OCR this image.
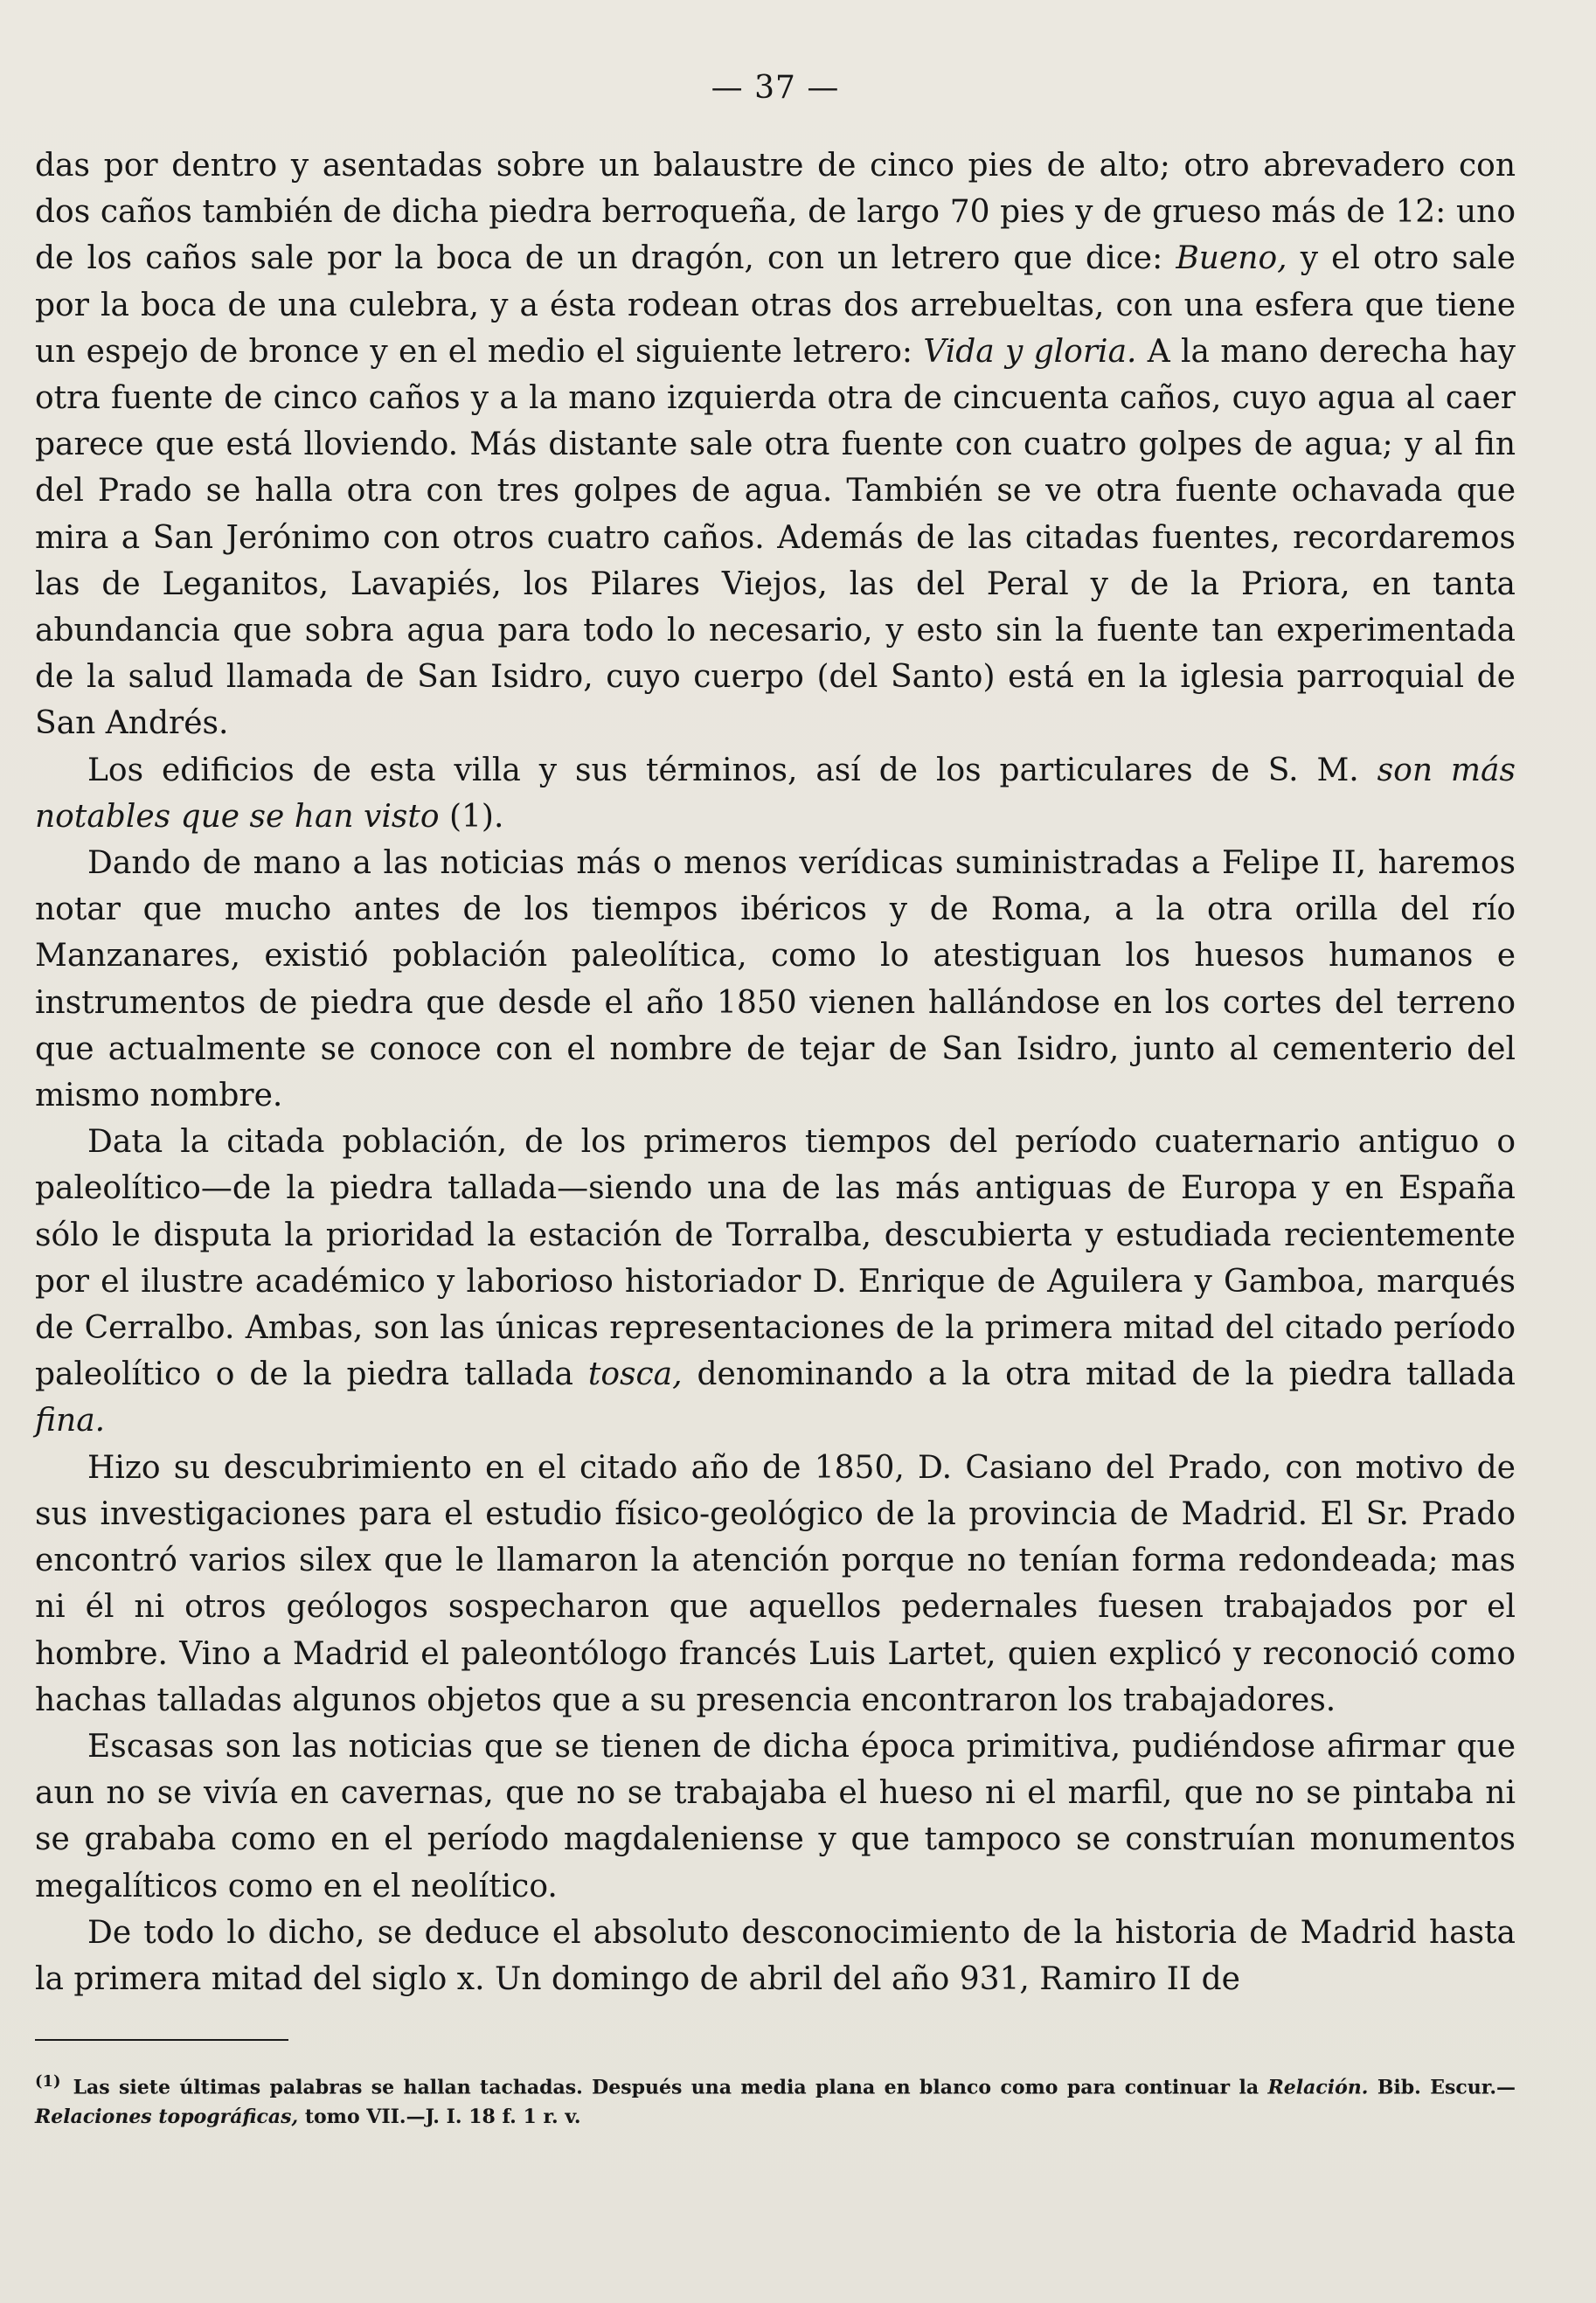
— 37 —

das por dentro y asentadas sobre un balaustre de cinco pies de alto; otro abrevadero con dos caños también de dicha piedra berroqueña, de largo 70 pies y de grueso más de 12: uno de los caños sale por la boca de un dragón, con un letrero que dice: Bueno, y el otro sale por la boca de una culebra, y a ésta rodean otras dos arrebueltas, con una esfera que tiene un espejo de bronce y en el medio el siguiente letrero: Vida y gloria. A la mano derecha hay otra fuente de cinco caños y a la mano izquierda otra de cincuenta caños, cuyo agua al caer parece que está lloviendo. Más distante sale otra fuente con cuatro golpes de agua; y al fin del Prado se halla otra con tres golpes de agua. También se ve otra fuente ochavada que mira a San Jerónimo con otros cuatro caños. Además de las citadas fuentes, recordaremos las de Leganitos, Lavapiés, los Pilares Viejos, las del Peral y de la Priora, en tanta abundancia que sobra agua para todo lo necesario, y esto sin la fuente tan experimentada de la salud llamada de San Isidro, cuyo cuerpo (del Santo) está en la iglesia parroquial de San Andrés.

Los edificios de esta villa y sus términos, así de los particulares de S. M. son más notables que se han visto (1).

Dando de mano a las noticias más o menos verídicas suministradas a Felipe II, haremos notar que mucho antes de los tiempos ibéricos y de Roma, a la otra orilla del río Manzanares, existió población paleolítica, como lo atestiguan los huesos humanos e instrumentos de piedra que desde el año 1850 vienen hallándose en los cortes del terreno que actualmente se conoce con el nombre de tejar de San Isidro, junto al cementerio del mismo nombre.

Data la citada población, de los primeros tiempos del período cuaternario antiguo o paleolítico—de la piedra tallada—siendo una de las más antiguas de Europa y en España sólo le disputa la prioridad la estación de Torralba, descubierta y estudiada recientemente por el ilustre académico y laborioso historiador D. Enrique de Aguilera y Gamboa, marqués de Cerralbo. Ambas, son las únicas representaciones de la primera mitad del citado período paleolítico o de la piedra tallada tosca, denominando a la otra mitad de la piedra tallada fina.

Hizo su descubrimiento en el citado año de 1850, D. Casiano del Prado, con motivo de sus investigaciones para el estudio físico-geológico de la provincia de Madrid. El Sr. Prado encontró varios silex que le llamaron la atención porque no tenían forma redondeada; mas ni él ni otros geólogos sospecharon que aquellos pedernales fuesen trabajados por el hombre. Vino a Madrid el paleontólogo francés Luis Lartet, quien explicó y reconoció como hachas talladas algunos objetos que a su presencia encontraron los trabajadores.

Escasas son las noticias que se tienen de dicha época primitiva, pudiéndose afirmar que aun no se vivía en cavernas, que no se trabajaba el hueso ni el marfil, que no se pintaba ni se grababa como en el período magdaleniense y que tampoco se construían monumentos megalíticos como en el neolítico.

De todo lo dicho, se deduce el absoluto desconocimiento de la historia de Madrid hasta la primera mitad del siglo x. Un domingo de abril del año 931, Ramiro II de

$^{(1)}$ Las siete últimas palabras se hallan tachadas. Después una media plana en blanco como para continuar la Relación. Bib. Escur.—Relaciones topográficas, tomo VII.—J. I. 18 f. 1 r. v.
